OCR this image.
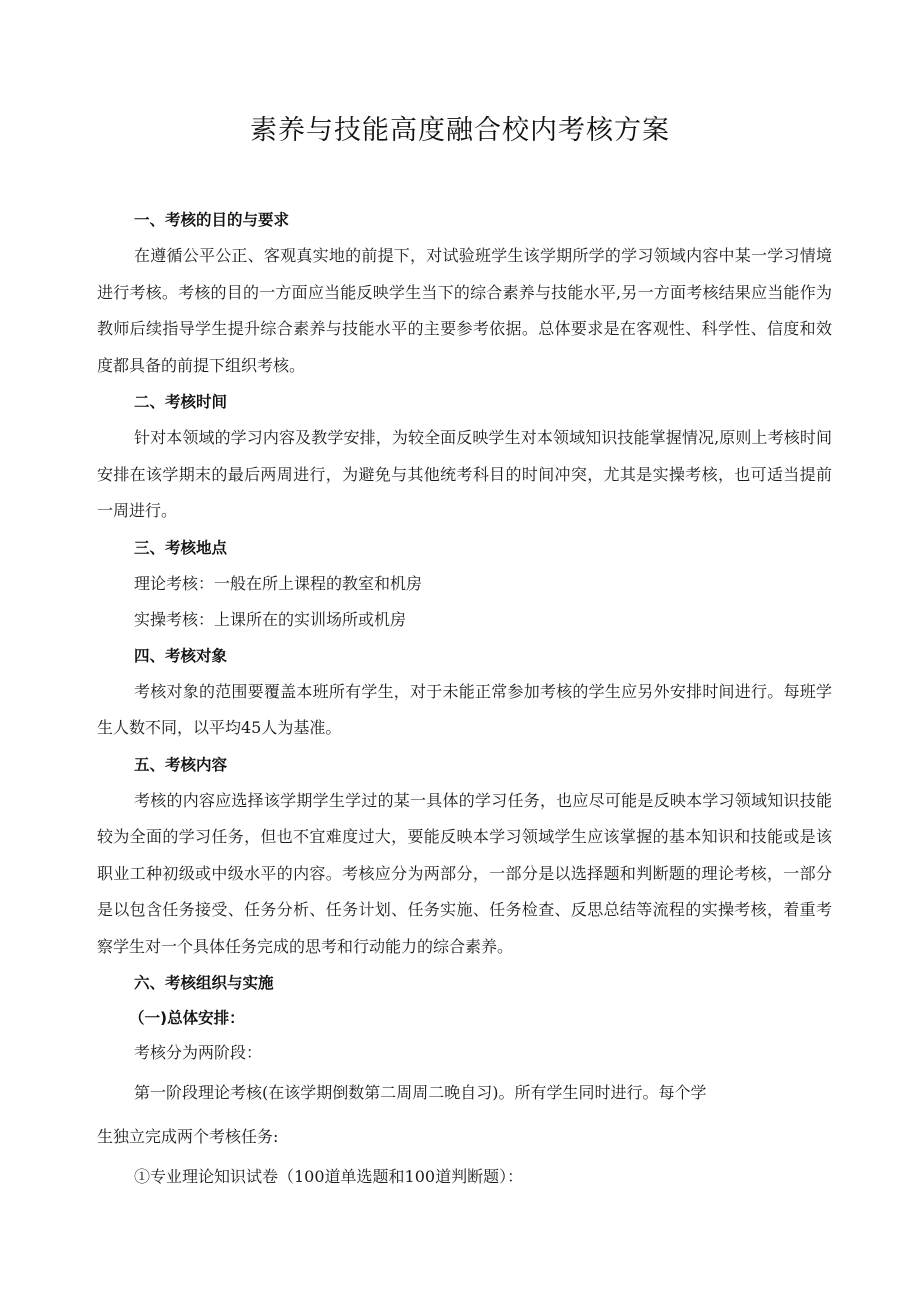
素养与技能高度融合校内考核方案
一、考核的目的与要求
在遵循公平公正、客观真实地的前提下，对试验班学生该学期所学的学习领域内容中某一学习情境进行考核。考核的目的一方面应当能反映学生当下的综合素养与技能水平,另一方面考核结果应当能作为教师后续指导学生提升综合素养与技能水平的主要参考依据。总体要求是在客观性、科学性、信度和效度都具备的前提下组织考核。
二、考核时间
针对本领域的学习内容及教学安排，为较全面反映学生对本领域知识技能掌握情况,原则上考核时间安排在该学期末的最后两周进行，为避免与其他统考科目的时间冲突，尤其是实操考核，也可适当提前一周进行。
三、考核地点
理论考核：一般在所上课程的教室和机房
实操考核：上课所在的实训场所或机房
四、考核对象
考核对象的范围要覆盖本班所有学生，对于未能正常参加考核的学生应另外安排时间进行。每班学生人数不同，以平均45人为基准。
五、考核内容
考核的内容应选择该学期学生学过的某一具体的学习任务，也应尽可能是反映本学习领域知识技能较为全面的学习任务，但也不宜难度过大，要能反映本学习领域学生应该掌握的基本知识和技能或是该职业工种初级或中级水平的内容。考核应分为两部分，一部分是以选择题和判断题的理论考核，一部分是以包含任务接受、任务分析、任务计划、任务实施、任务检查、反思总结等流程的实操考核，着重考察学生对一个具体任务完成的思考和行动能力的综合素养。
六、考核组织与实施
（一)总体安排：
考核分为两阶段：
第一阶段理论考核(在该学期倒数第二周周二晚自习)。所有学生同时进行。每个学
生独立完成两个考核任务:
①专业理论知识试卷（100道单选题和100道判断题）：
